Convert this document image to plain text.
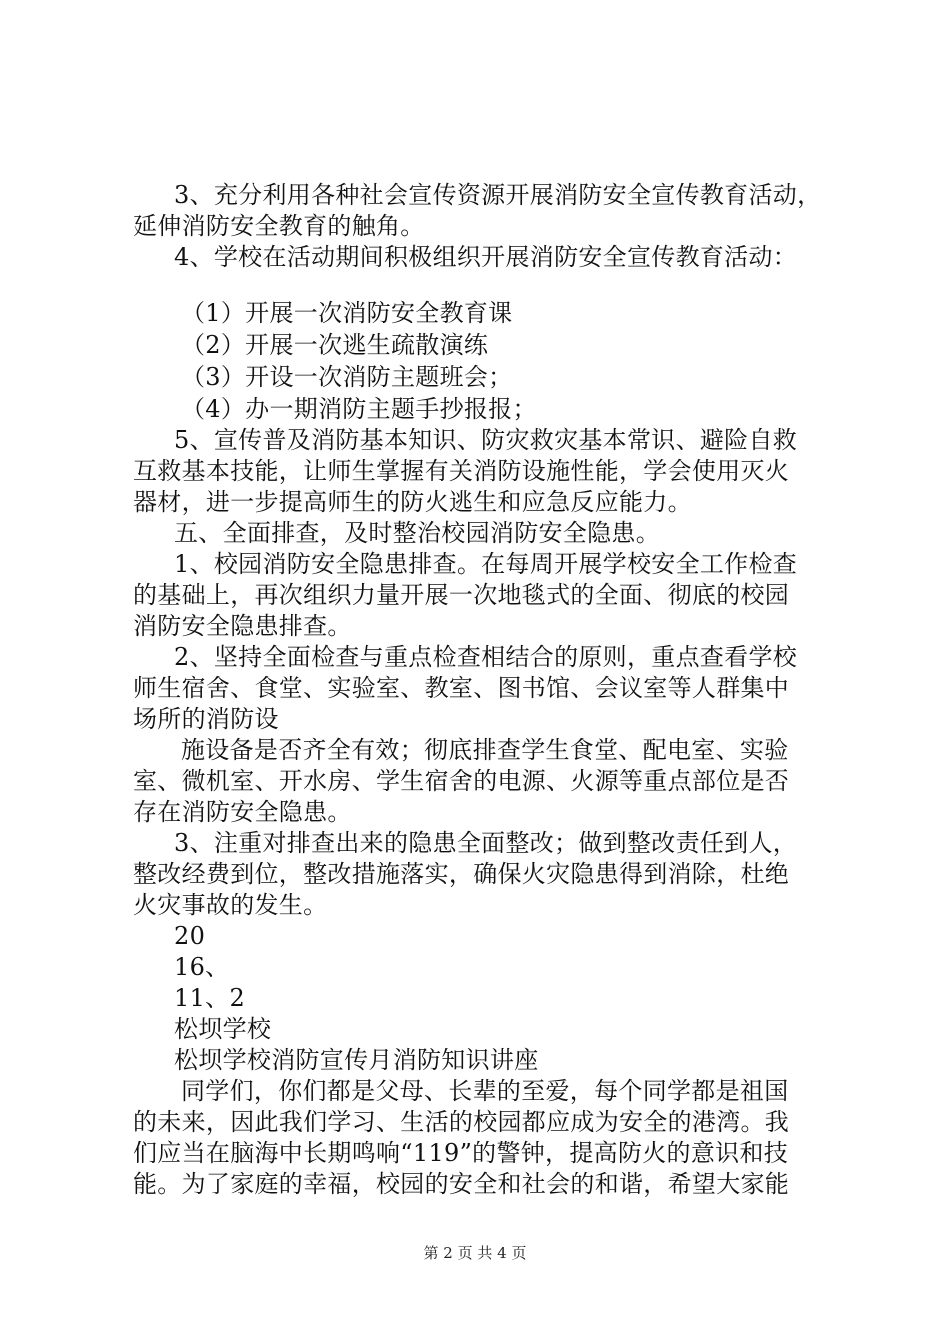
3、充分利用各种社会宣传资源开展消防安全宣传教育活动，
延伸消防安全教育的触角。
4、学校在活动期间积极组织开展消防安全宣传教育活动：
（1）开展一次消防安全教育课
（2）开展一次逃生疏散演练
（3）开设一次消防主题班会；
（4）办一期消防主题手抄报报；
5、宣传普及消防基本知识、防灾救灾基本常识、避险自救
互救基本技能，让师生掌握有关消防设施性能，学会使用灭火
器材，进一步提高师生的防火逃生和应急反应能力。
五、全面排查，及时整治校园消防安全隐患。
1、校园消防安全隐患排查。在每周开展学校安全工作检查
的基础上，再次组织力量开展一次地毯式的全面、彻底的校园
消防安全隐患排查。
2、坚持全面检查与重点检查相结合的原则，重点查看学校
师生宿舍、食堂、实验室、教室、图书馆、会议室等人群集中
场所的消防设
施设备是否齐全有效；彻底排查学生食堂、配电室、实验
室、微机室、开水房、学生宿舍的电源、火源等重点部位是否
存在消防安全隐患。
3、注重对排查出来的隐患全面整改；做到整改责任到人，
整改经费到位，整改措施落实，确保火灾隐患得到消除，杜绝
火灾事故的发生。
20
16、
11、2
松坝学校
松坝学校消防宣传月消防知识讲座
同学们，你们都是父母、长辈的至爱，每个同学都是祖国
的未来，因此我们学习、生活的校园都应成为安全的港湾。我
们应当在脑海中长期鸣响“119”的警钟，提高防火的意识和技
能。为了家庭的幸福，校园的安全和社会的和谐，希望大家能
第 2 页 共 4 页
